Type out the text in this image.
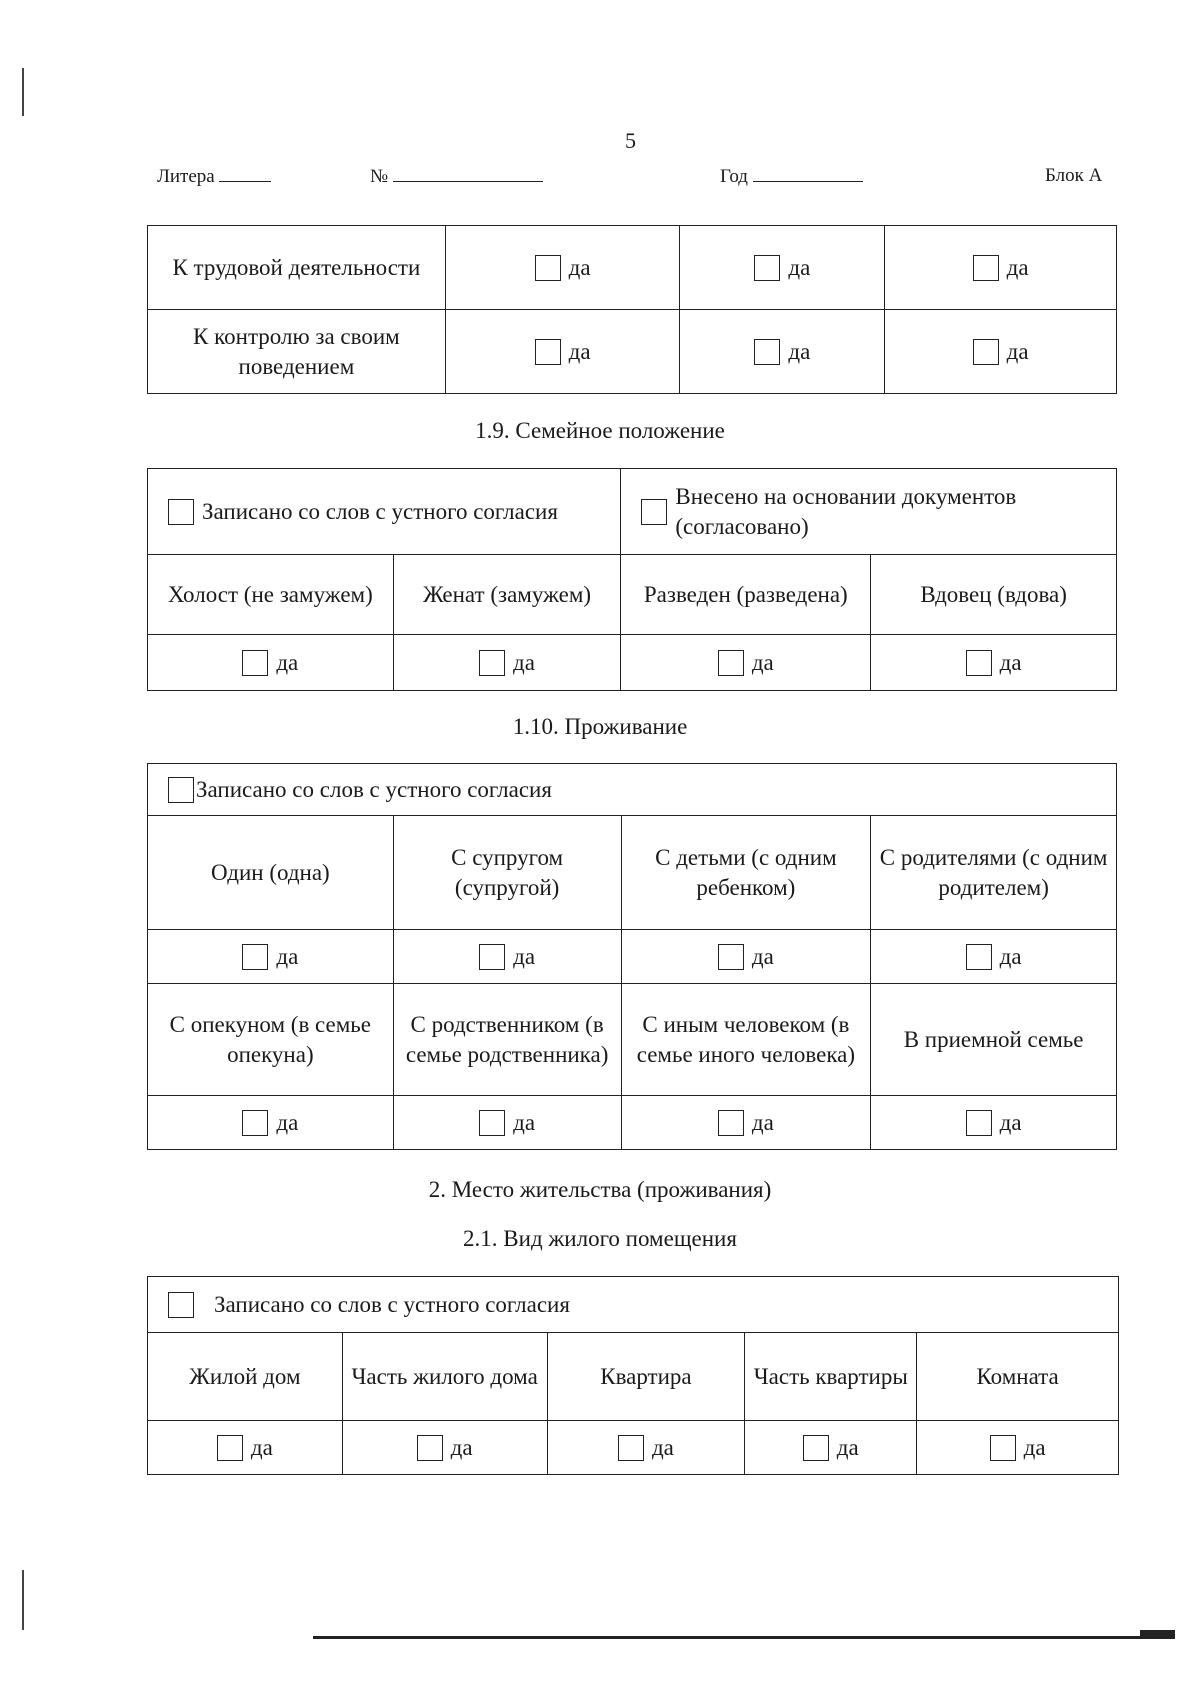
5
Литера	№	Год	Блок А
К трудовой деятельности	да	да	да
К контролю за своим поведением	да	да	да
1.9. Семейное положение
Записано со слов с устного согласия		Внесено на основании документов (согласовано)	
Холост (не замужем)	Женат (замужем)	Разведен (разведена)	Вдовец (вдова)
да	да	да	да
1.10. Проживание
Записано со слов с устного согласия			
Один (одна)	С супругом (супругой)	С детьми (с одним ребенком)	С родителями (с одним родителем)
да	да	да	да
С опекуном (в семье опекуна)	С родственником (в семье родственника)	С иным человеком (в семье иного человека)	В приемной семье
да	да	да	да
2. Место жительства (проживания)
2.1. Вид жилого помещения
Записано со слов с устного согласия				
Жилой дом	Часть жилого дома	Квартира	Часть квартиры	Комната
да	да	да	да	да
